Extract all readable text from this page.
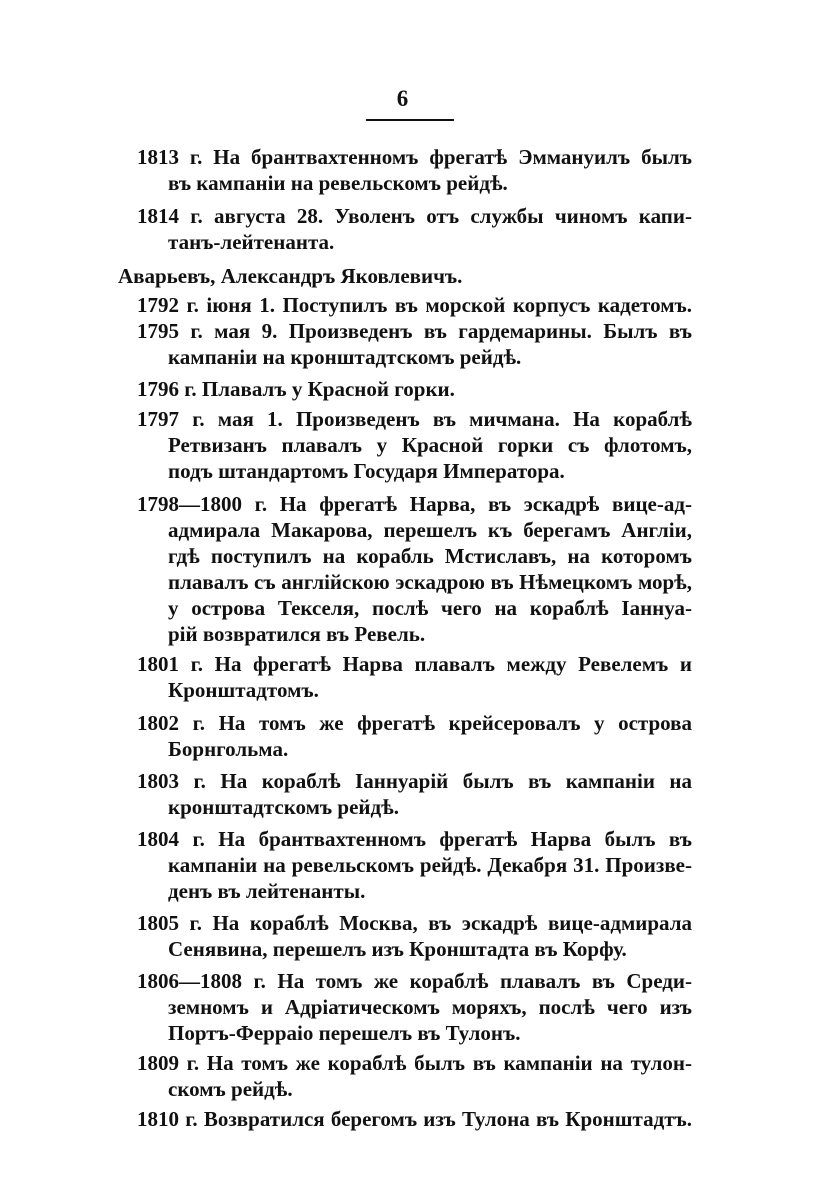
6
1813 г. На брантвахтенномъ фрегатѣ Эммануилъ былъ
въ кампанiи на ревельскомъ рейдѣ.
1814 г. августа 28. Уволенъ отъ службы чиномъ капи-
танъ-лейтенанта.
Аварьевъ, Александръ Яковлевичъ.
1792 г. iюня 1. Поступилъ въ морской корпусъ кадетомъ.
1795 г. мая 9. Произведенъ въ гардемарины. Былъ въ
кампанiи на кронштадтскомъ рейдѣ.
1796 г. Плавалъ у Красной горки.
1797 г. мая 1. Произведенъ въ мичмана. На кораблѣ
Ретвизанъ плавалъ у Красной горки съ флотомъ,
подъ штандартомъ Государя Императора.
1798—1800 г. На фрегатѣ Нарва, въ эскадрѣ вице-ад-
адмирала Макарова, перешелъ къ берегамъ Англiи,
гдѣ поступилъ на корабль Мстиславъ, на которомъ
плавалъ съ англiйскою эскадрою въ Нѣмецкомъ морѣ,
у острова Текселя, послѣ чего на кораблѣ Iаннуа-
рiй возвратился въ Ревель.
1801 г. На фрегатѣ Нарва плавалъ между Ревелемъ и
Кронштадтомъ.
1802 г. На томъ же фрегатѣ крейсеровалъ у острова
Борнгольма.
1803 г. На кораблѣ Iаннуарiй былъ въ кампанiи на
кронштадтскомъ рейдѣ.
1804 г. На брантвахтенномъ фрегатѣ Нарва былъ въ
кампанiи на ревельскомъ рейдѣ. Декабря 31. Произве-
денъ въ лейтенанты.
1805 г. На кораблѣ Москва, въ эскадрѣ вице-адмирала
Сенявина, перешелъ изъ Кронштадта въ Корфу.
1806—1808 г. На томъ же кораблѣ плавалъ въ Среди-
земномъ и Адрiатическомъ моряхъ, послѣ чего изъ
Портъ-Ферраiо перешелъ въ Тулонъ.
1809 г. На томъ же кораблѣ былъ въ кампанiи на тулон-
скомъ рейдѣ.
1810 г. Возвратился берегомъ изъ Тулона въ Кронштадтъ.
